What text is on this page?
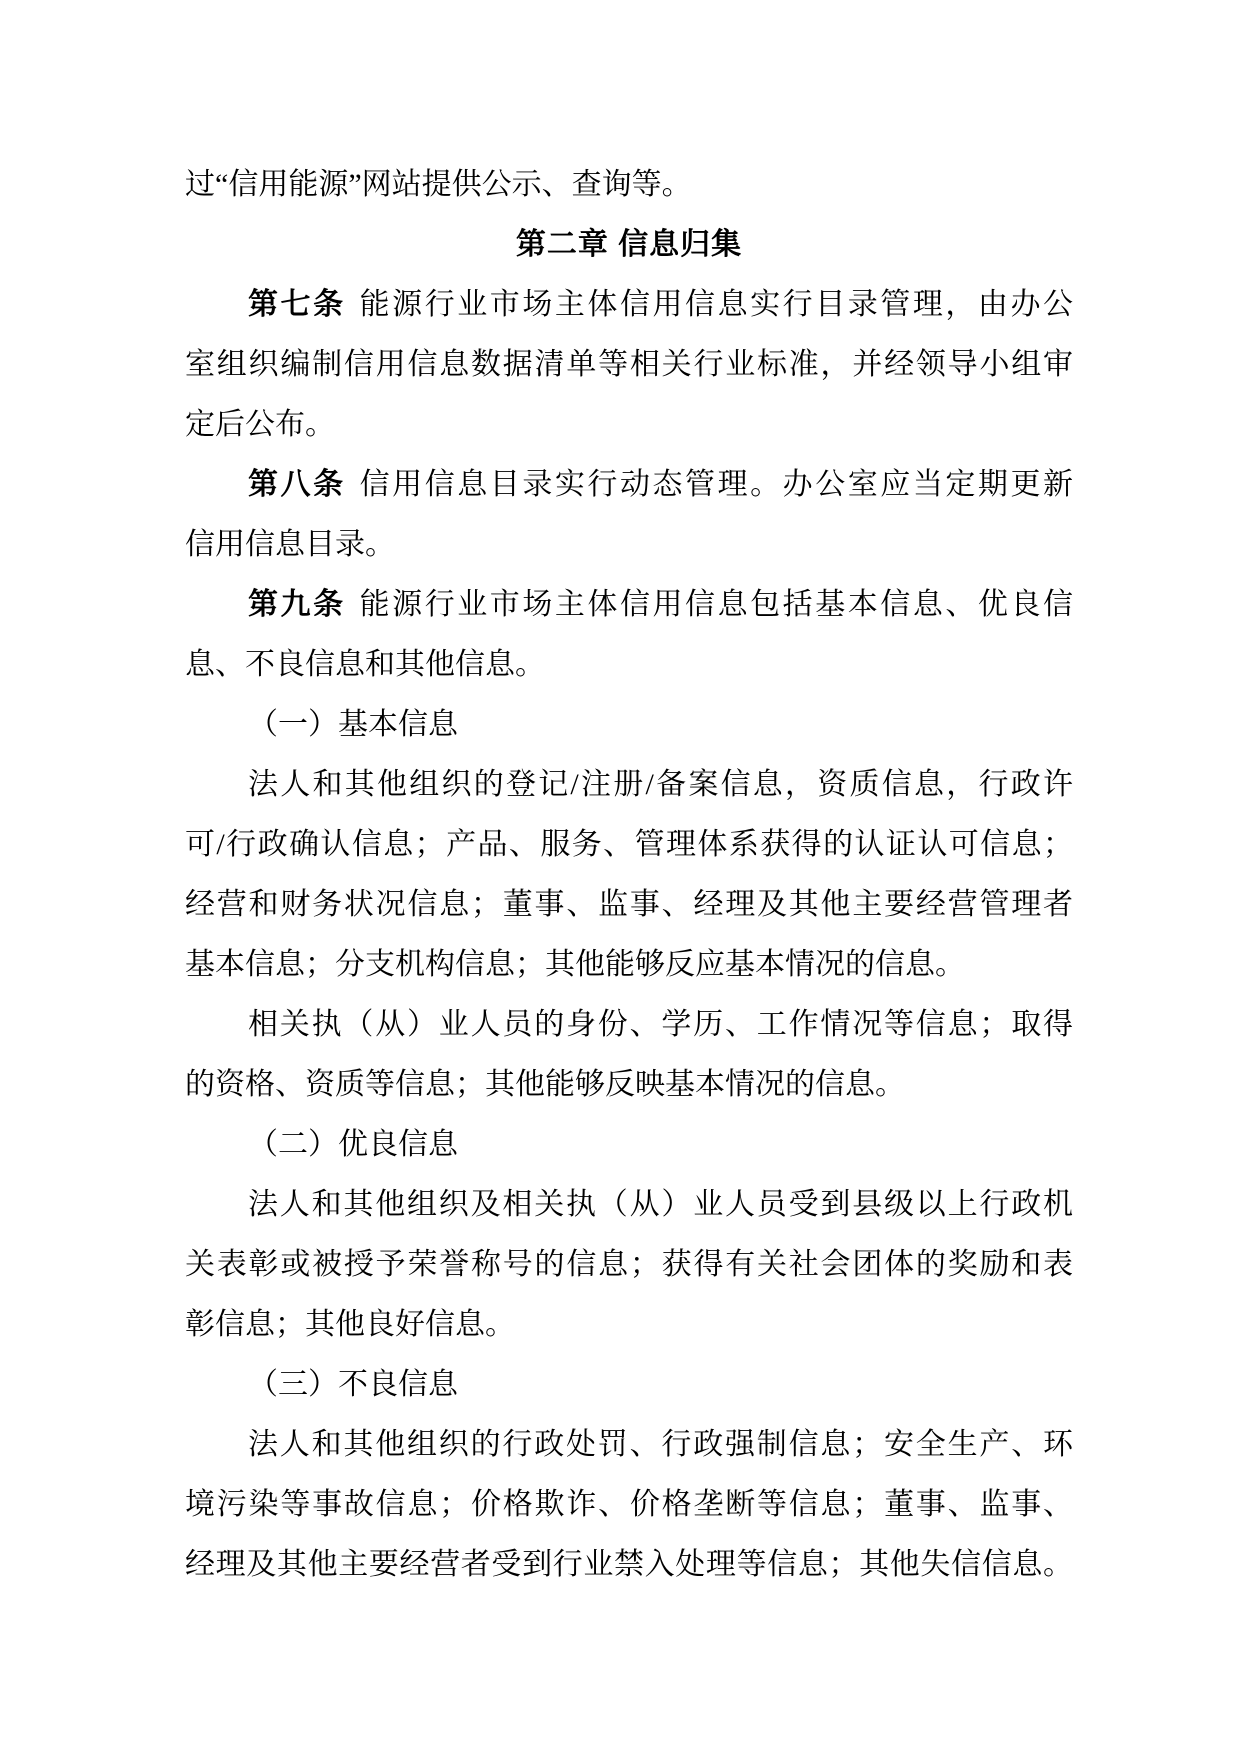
过“信用能源”网站提供公示、查询等。
第二章 信息归集
第七条 能源行业市场主体信用信息实行目录管理，由办公
室组织编制信用信息数据清单等相关行业标准，并经领导小组审
定后公布。
第八条 信用信息目录实行动态管理。办公室应当定期更新
信用信息目录。
第九条 能源行业市场主体信用信息包括基本信息、优良信
息、不良信息和其他信息。
（一）基本信息
法人和其他组织的登记/注册/备案信息，资质信息，行政许
可/行政确认信息；产品、服务、管理体系获得的认证认可信息；
经营和财务状况信息；董事、监事、经理及其他主要经营管理者
基本信息；分支机构信息；其他能够反应基本情况的信息。
相关执（从）业人员的身份、学历、工作情况等信息；取得
的资格、资质等信息；其他能够反映基本情况的信息。
（二）优良信息
法人和其他组织及相关执（从）业人员受到县级以上行政机
关表彰或被授予荣誉称号的信息；获得有关社会团体的奖励和表
彰信息；其他良好信息。
（三）不良信息
法人和其他组织的行政处罚、行政强制信息；安全生产、环
境污染等事故信息；价格欺诈、价格垄断等信息；董事、监事、
经理及其他主要经营者受到行业禁入处理等信息；其他失信信息。
